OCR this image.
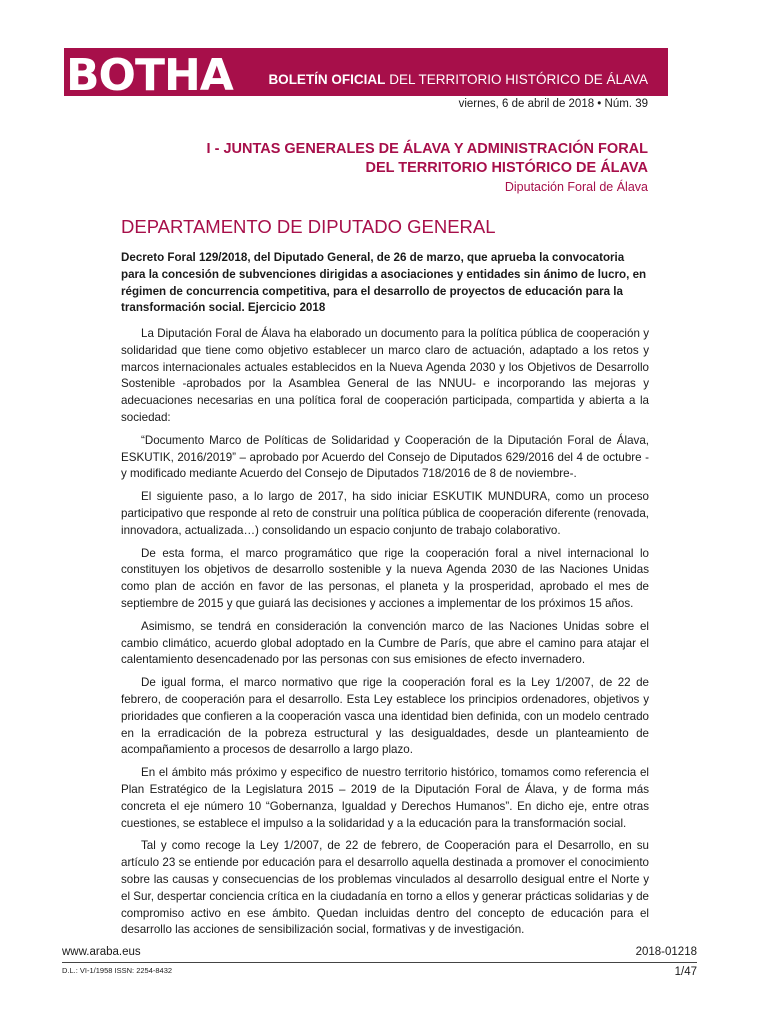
BOTHA	BOLETÍN OFICIAL DEL TERRITORIO HISTÓRICO DE ÁLAVA
viernes, 6 de abril de 2018 • Núm. 39
I - JUNTAS GENERALES DE ÁLAVA Y ADMINISTRACIÓN FORAL
DEL TERRITORIO HISTÓRICO DE ÁLAVA
Diputación Foral de Álava
DEPARTAMENTO DE DIPUTADO GENERAL

Decreto Foral 129/2018, del Diputado General, de 26 de marzo, que aprueba la convocatoria para la concesión de subvenciones dirigidas a asociaciones y entidades sin ánimo de lucro, en régimen de concurrencia competitiva, para el desarrollo de proyectos de educación para la transformación social. Ejercicio 2018

La Diputación Foral de Álava ha elaborado un documento para la política pública de cooperación y solidaridad que tiene como objetivo establecer un marco claro de actuación, adaptado a los retos y marcos internacionales actuales establecidos en la Nueva Agenda 2030 y los Objetivos de Desarrollo Sostenible -aprobados por la Asamblea General de las NNUU- e incorporando las mejoras y adecuaciones necesarias en una política foral de cooperación participada, compartida y abierta a la sociedad:

“Documento Marco de Políticas de Solidaridad y Cooperación de la Diputación Foral de Álava, ESKUTIK, 2016/2019” – aprobado por Acuerdo del Consejo de Diputados 629/2016 del 4 de octubre -y modificado mediante Acuerdo del Consejo de Diputados 718/2016 de 8 de noviembre-.

El siguiente paso, a lo largo de 2017, ha sido iniciar ESKUTIK MUNDURA, como un proceso participativo que responde al reto de construir una política pública de cooperación diferente (renovada, innovadora, actualizada…) consolidando un espacio conjunto de trabajo colaborativo.

De esta forma, el marco programático que rige la cooperación foral a nivel internacional lo constituyen los objetivos de desarrollo sostenible y la nueva Agenda 2030 de las Naciones Unidas como plan de acción en favor de las personas, el planeta y la prosperidad, aprobado el mes de septiembre de 2015 y que guiará las decisiones y acciones a implementar de los próximos 15 años.

Asimismo, se tendrá en consideración la convención marco de las Naciones Unidas sobre el cambio climático, acuerdo global adoptado en la Cumbre de París, que abre el camino para atajar el calentamiento desencadenado por las personas con sus emisiones de efecto invernadero.

De igual forma, el marco normativo que rige la cooperación foral es la Ley 1/2007, de 22 de febrero, de cooperación para el desarrollo. Esta Ley establece los principios ordenadores, objetivos y prioridades que confieren a la cooperación vasca una identidad bien definida, con un modelo centrado en la erradicación de la pobreza estructural y las desigualdades, desde un planteamiento de acompañamiento a procesos de desarrollo a largo plazo.

En el ámbito más próximo y especifico de nuestro territorio histórico, tomamos como referencia el Plan Estratégico de la Legislatura 2015 – 2019 de la Diputación Foral de Álava, y de forma más concreta el eje número 10 “Gobernanza, Igualdad y Derechos Humanos”. En dicho eje, entre otras cuestiones, se establece el impulso a la solidaridad y a la educación para la transformación social.

Tal y como recoge la Ley 1/2007, de 22 de febrero, de Cooperación para el Desarrollo, en su artículo 23 se entiende por educación para el desarrollo aquella destinada a promover el conocimiento sobre las causas y consecuencias de los problemas vinculados al desarrollo desigual entre el Norte y el Sur, despertar conciencia crítica en la ciudadanía en torno a ellos y generar prácticas solidarias y de compromiso activo en ese ámbito. Quedan incluidas dentro del concepto de educación para el desarrollo las acciones de sensibilización social, formativas y de investigación.

www.araba.eus	2018-01218
D.L.: VI-1/1958 ISSN: 2254-8432	1/47
